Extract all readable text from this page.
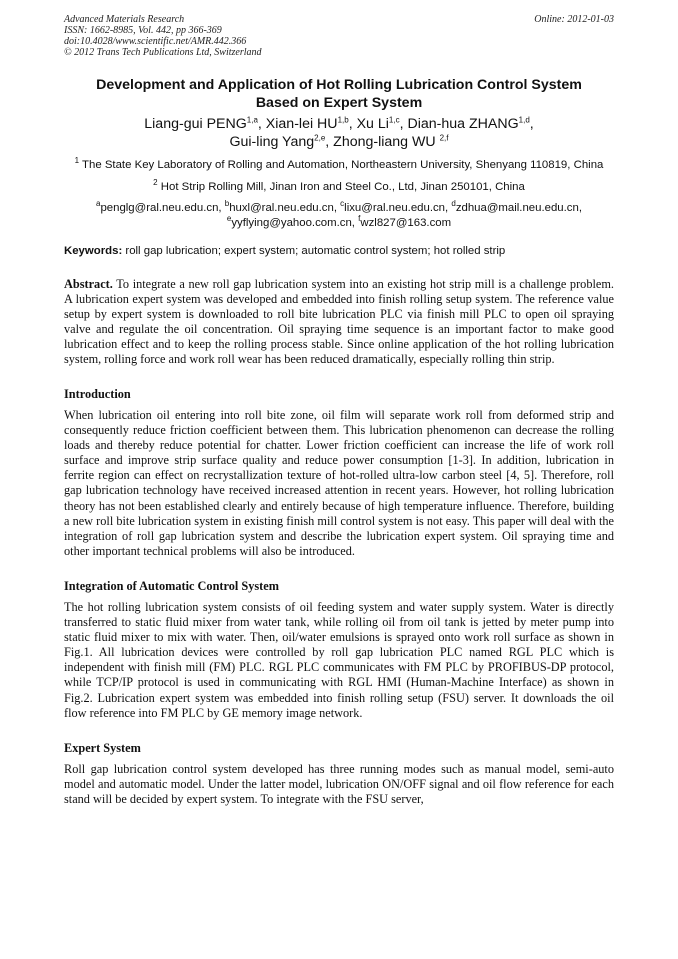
Advanced Materials Research
ISSN: 1662-8985, Vol. 442, pp 366-369
doi:10.4028/www.scientific.net/AMR.442.366
© 2012 Trans Tech Publications Ltd, Switzerland
Online: 2012-01-03
Development and Application of Hot Rolling Lubrication Control System
Based on Expert System
Liang-gui PENG$^{1,a}$, Xian-lei HU$^{1,b}$, Xu Li$^{1,c}$, Dian-hua ZHANG$^{1,d}$,
Gui-ling Yang$^{2,e}$, Zhong-liang WU $^{2,f}$
$^1$ The State Key Laboratory of Rolling and Automation, Northeastern University, Shenyang 110819, China
$^2$ Hot Strip Rolling Mill, Jinan Iron and Steel Co., Ltd, Jinan 250101, China
$^a$penglg@ral.neu.edu.cn, $^b$huxl@ral.neu.edu.cn, $^c$lixu@ral.neu.edu.cn, $^d$zdhua@mail.neu.edu.cn,
$^e$yyflying@yahoo.com.cn, $^f$wzl827@163.com
Keywords: roll gap lubrication; expert system; automatic control system; hot rolled strip
Abstract. To integrate a new roll gap lubrication system into an existing hot strip mill is a challenge problem. A lubrication expert system was developed and embedded into finish rolling setup system. The reference value setup by expert system is downloaded to roll bite lubrication PLC via finish mill PLC to open oil spraying valve and regulate the oil concentration. Oil spraying time sequence is an important factor to make good lubrication effect and to keep the rolling process stable. Since online application of the hot rolling lubrication system, rolling force and work roll wear has been reduced dramatically, especially rolling thin strip.
Introduction

When lubrication oil entering into roll bite zone, oil film will separate work roll from deformed strip and consequently reduce friction coefficient between them. This lubrication phenomenon can decrease the rolling loads and thereby reduce potential for chatter. Lower friction coefficient can increase the life of work roll surface and improve strip surface quality and reduce power consumption [1-3]. In addition, lubrication in ferrite region can effect on recrystallization texture of hot-rolled ultra-low carbon steel [4, 5]. Therefore, roll gap lubrication technology have received increased attention in recent years. However, hot rolling lubrication theory has not been established clearly and entirely because of high temperature influence. Therefore, building a new roll bite lubrication system in existing finish mill control system is not easy. This paper will deal with the integration of roll gap lubrication system and describe the lubrication expert system. Oil spraying time and other important technical problems will also be introduced.

Integration of Automatic Control System

The hot rolling lubrication system consists of oil feeding system and water supply system. Water is directly transferred to static fluid mixer from water tank, while rolling oil from oil tank is jetted by meter pump into static fluid mixer to mix with water. Then, oil/water emulsions is sprayed onto work roll surface as shown in Fig.1. All lubrication devices were controlled by roll gap lubrication PLC named RGL PLC which is independent with finish mill (FM) PLC. RGL PLC communicates with FM PLC by PROFIBUS-DP protocol, while TCP/IP protocol is used in communicating with RGL HMI (Human-Machine Interface) as shown in Fig.2. Lubrication expert system was embedded into finish rolling setup (FSU) server. It downloads the oil flow reference into FM PLC by GE memory image network.

Expert System

Roll gap lubrication control system developed has three running modes such as manual model, semi-auto model and automatic model. Under the latter model, lubrication ON/OFF signal and oil flow reference for each stand will be decided by expert system. To integrate with the FSU server,
